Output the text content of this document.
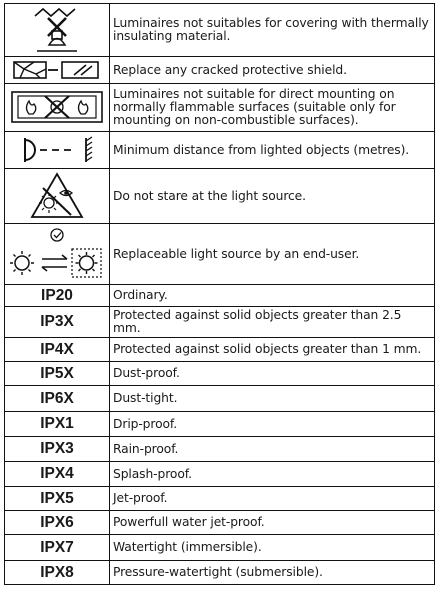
	Luminaires not suitables for covering with thermally insulating material.

	Replace any cracked protective shield.

	Luminaires not suitable for direct mounting on normally flammable surfaces (suitable only for mounting on non-combustible surfaces).

	Minimum distance from lighted objects (metres).

	Do not stare at the light source.

	Replaceable light source by an end-user.
IP20	Ordinary.
IP3X	Protected against solid objects greater than 2.5 mm.
IP4X	Protected against solid objects greater than 1 mm.
IP5X	Dust-proof.
IP6X	Dust-tight.
IPX1	Drip-proof.
IPX3	Rain-proof.
IPX4	Splash-proof.
IPX5	Jet-proof.
IPX6	Powerfull water jet-proof.
IPX7	Watertight (immersible).
IPX8	Pressure-watertight (submersible).
